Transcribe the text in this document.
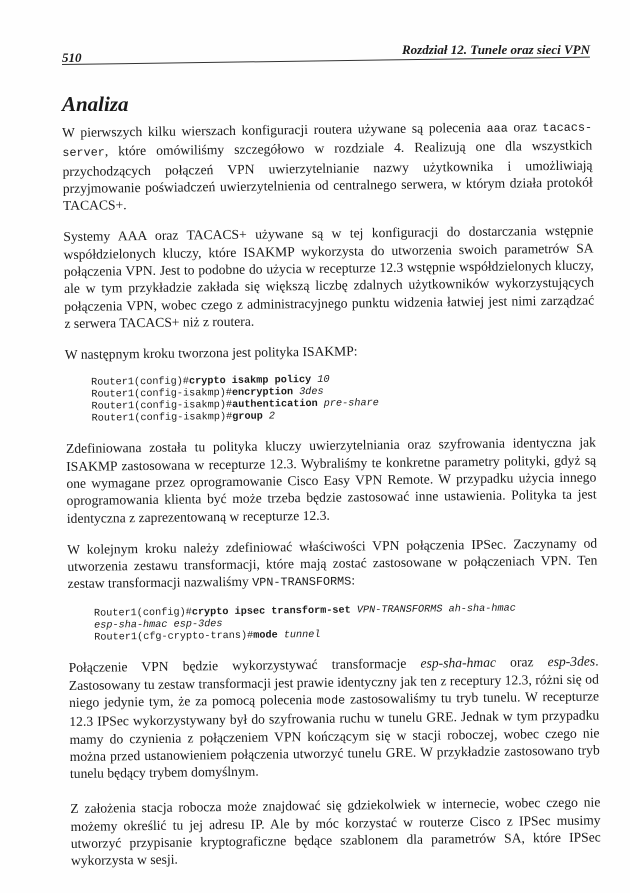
510
Rozdział 12. Tunele oraz sieci VPN
Analiza

W pierwszych kilku wierszach konfiguracji routera używane są polecenia aaa oraz tacacs-server, które omówiliśmy szczegółowo w rozdziale 4. Realizują one dla wszystkich przychodzących połączeń VPN uwierzytelnianie nazwy użytkownika i umożliwiają przyjmowanie poświadczeń uwierzytelnienia od centralnego serwera, w którym działa protokół TACACS+.

Systemy AAA oraz TACACS+ używane są w tej konfiguracji do dostarczania wstępnie współdzielonych kluczy, które ISAKMP wykorzysta do utworzenia swoich parametrów SA połączenia VPN. Jest to podobne do użycia w recepturze 12.3 wstępnie współdzielonych kluczy, ale w tym przykładzie zakłada się większą liczbę zdalnych użytkowników wykorzystujących połączenia VPN, wobec czego z administracyjnego punktu widzenia łatwiej jest nimi zarządzać z serwera TACACS+ niż z routera.

W następnym kroku tworzona jest polityka ISAKMP:

Router1(config)#crypto isakmp policy 10
Router1(config-isakmp)#encryption 3des
Router1(config-isakmp)#authentication pre-share
Router1(config-isakmp)#group 2

Zdefiniowana została tu polityka kluczy uwierzytelniania oraz szyfrowania identyczna jak ISAKMP zastosowana w recepturze 12.3. Wybraliśmy te konkretne parametry polityki, gdyż są one wymagane przez oprogramowanie Cisco Easy VPN Remote. W przypadku użycia innego oprogramowania klienta być może trzeba będzie zastosować inne ustawienia. Polityka ta jest identyczna z zaprezentowaną w recepturze 12.3.

W kolejnym kroku należy zdefiniować właściwości VPN połączenia IPSec. Zaczynamy od utworzenia zestawu transformacji, które mają zostać zastosowane w połączeniach VPN. Ten zestaw transformacji nazwaliśmy VPN-TRANSFORMS:

Router1(config)#crypto ipsec transform-set VPN-TRANSFORMS ah-sha-hmac
esp-sha-hmac esp-3des
Router1(cfg-crypto-trans)#mode tunnel

Połączenie VPN będzie wykorzystywać transformacje esp-sha-hmac oraz esp-3des. Zastosowany tu zestaw transformacji jest prawie identyczny jak ten z receptury 12.3, różni się od niego jedynie tym, że za pomocą polecenia mode zastosowaliśmy tu tryb tunelu. W recepturze 12.3 IPSec wykorzystywany był do szyfrowania ruchu w tunelu GRE. Jednak w tym przypadku mamy do czynienia z połączeniem VPN kończącym się w stacji roboczej, wobec czego nie można przed ustanowieniem połączenia utworzyć tunelu GRE. W przykładzie zastosowano tryb tunelu będący trybem domyślnym.

Z założenia stacja robocza może znajdować się gdziekolwiek w internecie, wobec czego nie możemy określić tu jej adresu IP. Ale by móc korzystać w routerze Cisco z IPSec musimy utworzyć przypisanie kryptograficzne będące szablonem dla parametrów SA, które IPSec wykorzysta w sesji.
